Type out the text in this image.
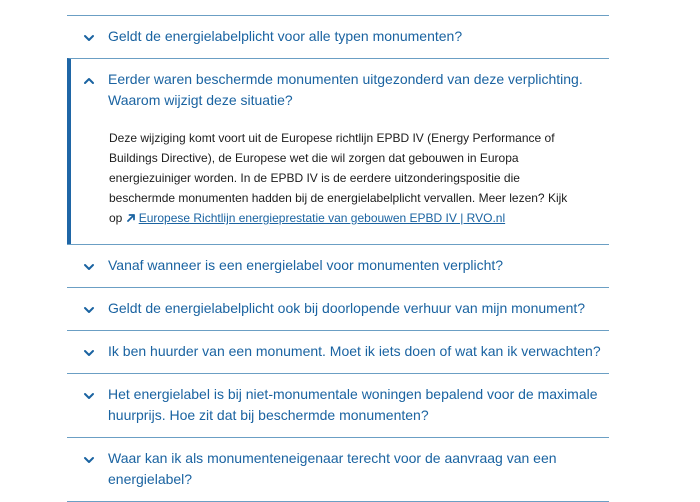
Geldt de energielabelplicht voor alle typen monumenten?
Eerder waren beschermde monumenten uitgezonderd van deze verplichting.
Waarom wijzigt deze situatie?
Deze wijziging komt voort uit de Europese richtlijn EPBD IV (Energy Performance of Buildings Directive), de Europese wet die wil zorgen dat gebouwen in Europa energiezuiniger worden. In de EPBD IV is de eerdere uitzonderingspositie die beschermde monumenten hadden bij de energielabelplicht vervallen. Meer lezen? Kijk op Europese Richtlijn energieprestatie van gebouwen EPBD IV | RVO.nl
Vanaf wanneer is een energielabel voor monumenten verplicht?
Geldt de energielabelplicht ook bij doorlopende verhuur van mijn monument?
Ik ben huurder van een monument. Moet ik iets doen of wat kan ik verwachten?
Het energielabel is bij niet-monumentale woningen bepalend voor de maximale
huurprijs. Hoe zit dat bij beschermde monumenten?
Waar kan ik als monumenteneigenaar terecht voor de aanvraag van een
energielabel?
